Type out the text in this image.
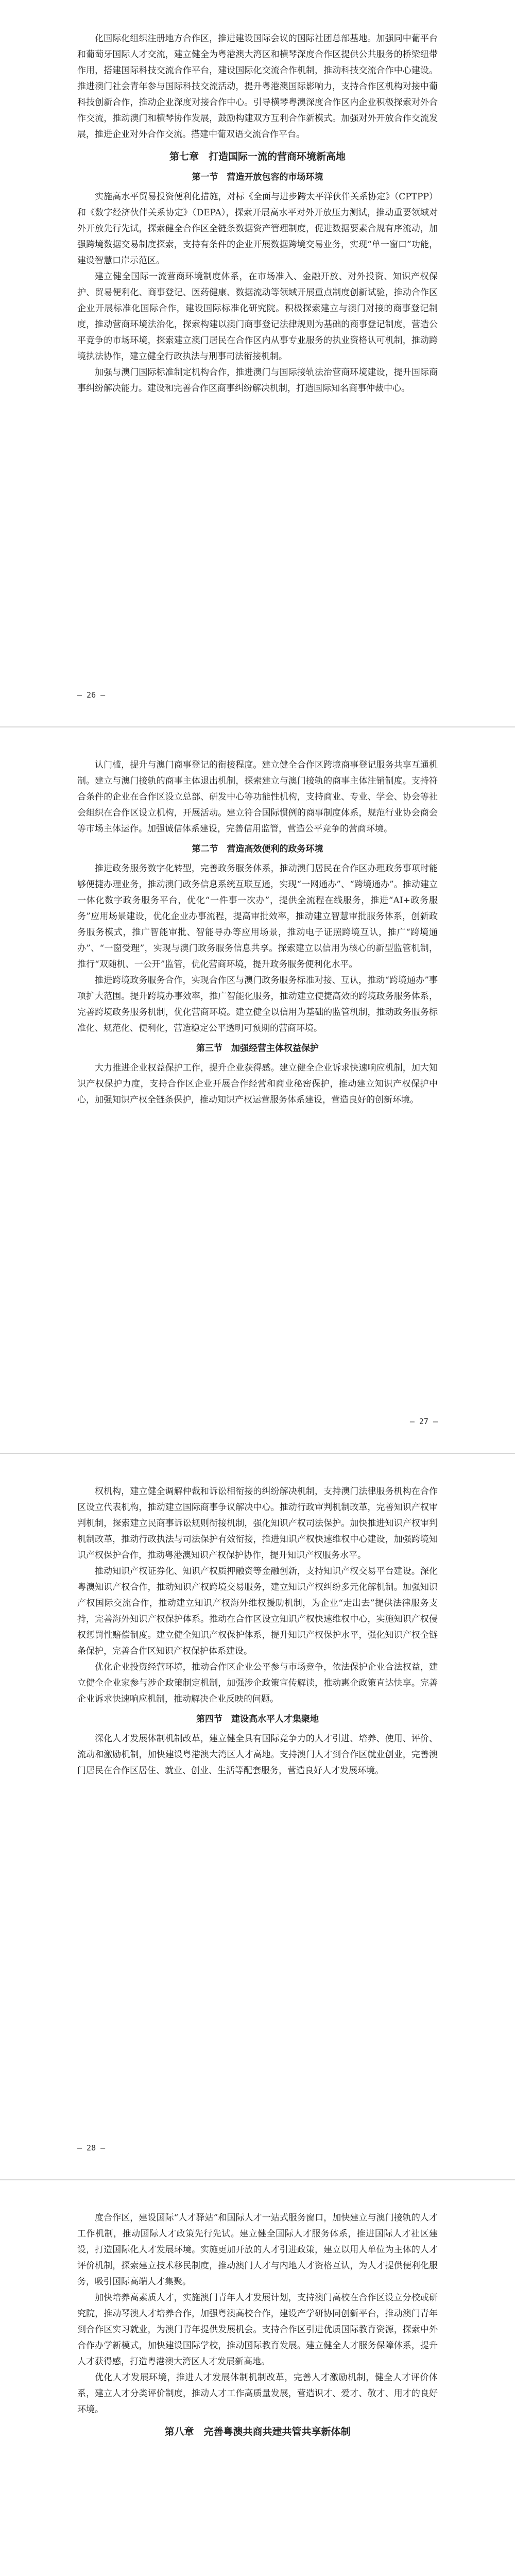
化国际化组织注册地方合作区，推进建设国际会议的国际社团总部基地。加强同中葡平台和葡萄牙国际人才交流，建立健全为粤港澳大湾区和横琴深度合作区提供公共服务的桥梁纽带作用，搭建国际科技交流合作平台，建设国际化交流合作机制，推动科技交流合作中心建设。推进澳门社会青年参与国际科技交流活动，提升粤港澳国际影响力，支持合作区机构对接中葡科技创新合作，推动企业深度对接合作中心。引导横琴粤澳深度合作区内企业积极探索对外合作交流，推动澳门和横琴协作发展，鼓励构建双方互利合作新模式。加强对外开放合作交流发展，推进企业对外合作交流。搭建中葡双语交流合作平台。

第七章　打造国际一流的营商环境新高地
第一节　营造开放包容的市场环境

实施高水平贸易投资便利化措施，对标《全面与进步跨太平洋伙伴关系协定》（CPTPP）和《数字经济伙伴关系协定》（DEPA），探索开展高水平对外开放压力测试，推动重要领域对外开放先行先试，探索健全合作区全链条数据资产管理制度，促进数据要素合规有序流动，加强跨境数据交易制度探索，支持有条件的企业开展数据跨境交易业务，实现“单一窗口”功能，建设智慧口岸示范区。

建立健全国际一流营商环境制度体系，在市场准入、金融开放、对外投资、知识产权保护、贸易便利化、商事登记、医药健康、数据流动等领域开展重点制度创新试验，推动合作区企业开展标准化国际合作，建设国际标准化研究院。积极探索建立与澳门对接的商事登记制度，推动营商环境法治化，探索构建以澳门商事登记法律规则为基础的商事登记制度，营造公平竞争的市场环境，探索建立澳门居民在合作区内从事专业服务的执业资格认可机制，推动跨境执法协作，建立健全行政执法与刑事司法衔接机制。

加强与澳门国际标准制定机构合作，推进澳门与国际接轨法治营商环境建设，提升国际商事纠纷解决能力。建设和完善合作区商事纠纷解决机制，打造国际知名商事仲裁中心。

— 26 —

认门槛，提升与澳门商事登记的衔接程度。建立健全合作区跨境商事登记服务共享互通机制。建立与澳门接轨的商事主体退出机制，探索建立与澳门接轨的商事主体注销制度。支持符合条件的企业在合作区设立总部、研发中心等功能性机构，支持商业、专业、学会、协会等社会组织在合作区设立机构，开展活动。建立符合国际惯例的商事制度体系，规范行业协会商会等市场主体运作。加强诚信体系建设，完善信用监管，营造公平竞争的营商环境。

第二节　营造高效便利的政务环境

推进政务服务数字化转型，完善政务服务体系，推动澳门居民在合作区办理政务事项时能够便捷办理业务，推动澳门政务信息系统互联互通，实现“一网通办”、“跨境通办”。推动建立一体化数字政务服务平台，优化“一件事一次办”，提供全流程在线服务，推进“AI+政务服务”应用场景建设，优化企业办事流程，提高审批效率，推动建立智慧审批服务体系，创新政务服务模式，推广智能审批、智能导办等应用场景，推动电子证照跨境互认，推广“跨境通办”、“一窗受理”，实现与澳门政务服务信息共享。探索建立以信用为核心的新型监管机制，推行“双随机、一公开”监管，优化营商环境，提升政务服务便利化水平。

推进跨境政务服务合作，实现合作区与澳门政务服务标准对接、互认，推动“跨境通办”事项扩大范围。提升跨境办事效率，推广智能化服务，推动建立便捷高效的跨境政务服务体系，完善跨境政务服务机制，优化营商环境。建立健全以信用为基础的监管机制，推动政务服务标准化、规范化、便利化，营造稳定公平透明可预期的营商环境。

第三节　加强经营主体权益保护

大力推进企业权益保护工作，提升企业获得感。建立健全企业诉求快速响应机制，加大知识产权保护力度，支持合作区企业开展合作经营和商业秘密保护，推动建立知识产权保护中心，加强知识产权全链条保护，推动知识产权运营服务体系建设，营造良好的创新环境。

— 27 —

权机构，建立健全调解仲裁和诉讼相衔接的纠纷解决机制，支持澳门法律服务机构在合作区设立代表机构，推动建立国际商事争议解决中心。推动行政审判机制改革，完善知识产权审判机制，探索建立民商事诉讼规则衔接机制，强化知识产权司法保护。加快推进知识产权审判机制改革，推动行政执法与司法保护有效衔接，推进知识产权快速维权中心建设，加强跨境知识产权保护合作，推动粤港澳知识产权保护协作，提升知识产权服务水平。

推动知识产权证券化、知识产权质押融资等金融创新，支持知识产权交易平台建设。深化粤澳知识产权合作，推动知识产权跨境交易服务，建立知识产权纠纷多元化解机制。加强知识产权国际交流合作，推动建立知识产权海外维权援助机制，为企业“走出去”提供法律服务支持，完善海外知识产权保护体系。推动在合作区设立知识产权快速维权中心，实施知识产权侵权惩罚性赔偿制度。建立健全知识产权保护体系，提升知识产权保护水平，强化知识产权全链条保护，完善合作区知识产权保护体系建设。

优化企业投资经营环境，推动合作区企业公平参与市场竞争，依法保护企业合法权益，建立健全企业家参与涉企政策制定机制，加强涉企政策宣传解读，推动惠企政策直达快享。完善企业诉求快速响应机制，推动解决企业反映的问题。

第四节　建设高水平人才集聚地

深化人才发展体制机制改革，建立健全具有国际竞争力的人才引进、培养、使用、评价、流动和激励机制，加快建设粤港澳大湾区人才高地。支持澳门人才到合作区就业创业，完善澳门居民在合作区居住、就业、创业、生活等配套服务，营造良好人才发展环境。

— 28 —

度合作区，建设国际“人才驿站”和国际人才一站式服务窗口，加快建立与澳门接轨的人才工作机制，推动国际人才政策先行先试。建立健全国际人才服务体系，推进国际人才社区建设，打造国际化人才发展环境。实施更加开放的人才引进政策，建立以用人单位为主体的人才评价机制，探索建立技术移民制度，推动澳门人才与内地人才资格互认，为人才提供便利化服务，吸引国际高端人才集聚。

加快培养高素质人才，实施澳门青年人才发展计划，支持澳门高校在合作区设立分校或研究院，推动琴澳人才培养合作，加强粤澳高校合作，建设产学研协同创新平台，推动澳门青年到合作区实习就业，为澳门青年提供发展机会。支持合作区引进优质国际教育资源，探索中外合作办学新模式，加快建设国际学校，推动国际教育发展。建立健全人才服务保障体系，提升人才获得感，打造粤港澳大湾区人才发展新高地。

优化人才发展环境，推进人才发展体制机制改革，完善人才激励机制，健全人才评价体系，建立人才分类评价制度，推动人才工作高质量发展，营造识才、爱才、敬才、用才的良好环境。

第八章　完善粤澳共商共建共管共享新体制
